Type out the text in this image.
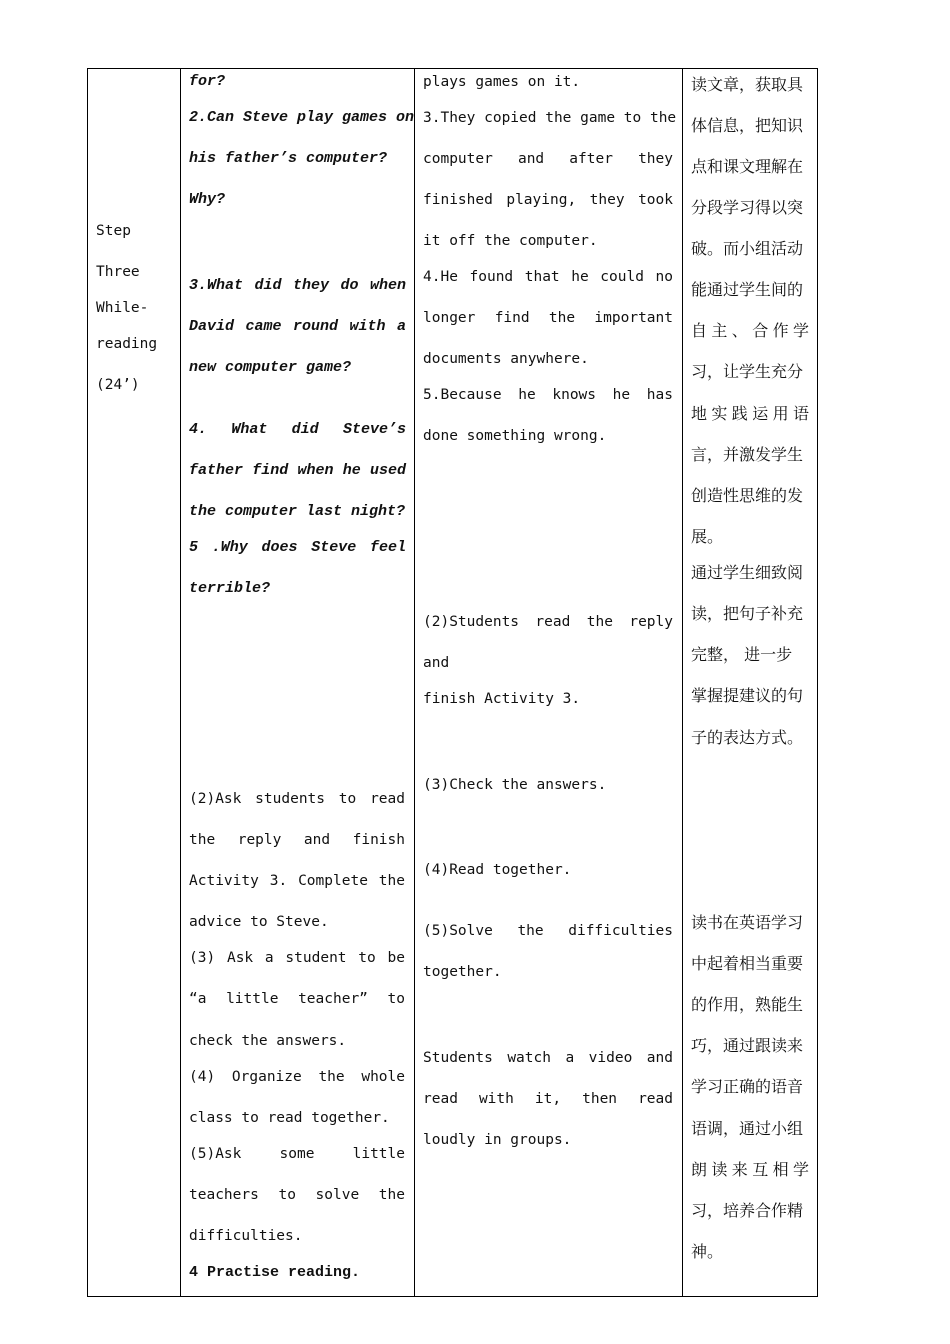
Step
Three
While-
reading
(24’)
for?
2.Can Steve play games on
his father’s computer?
Why?
3.What did they do when
David came round with a
new computer game?
4. What did Steve’s
father find when he used
the computer last night?
5 .Why does Steve feel
terrible?
(2)Ask students to read
the reply and finish
Activity 3. Complete the
advice to Steve.
(3) Ask a student to be
“a little teacher” to
check the answers.
(4) Organize the whole
class to read together.
(5)Ask some little
teachers to solve the
difficulties.
4 Practise reading.
plays games on it.
3.They copied the game to the
computer and after they
finished playing, they took
it off the computer.
4.He found that he could no
longer find the important
documents anywhere.
5.Because he knows he has
done something wrong.
(2)Students read the reply
and
finish Activity 3.
(3)Check the answers.
(4)Read together.
(5)Solve the difficulties
together.
Students watch a video and
read with it, then read
loudly in groups.
读文章，获取具
体信息，把知识
点和课文理解在
分段学习得以突
破。而小组活动
能通过学生间的
自主、合作学
习，让学生充分
地实践运用语
言，并激发学生
创造性思维的发
展。
通过学生细致阅
读，把句子补充
完整， 进一步
掌握提建议的句
子的表达方式。
读书在英语学习
中起着相当重要
的作用，熟能生
巧，通过跟读来
学习正确的语音
语调，通过小组
朗读来互相学
习，培养合作精
神。
